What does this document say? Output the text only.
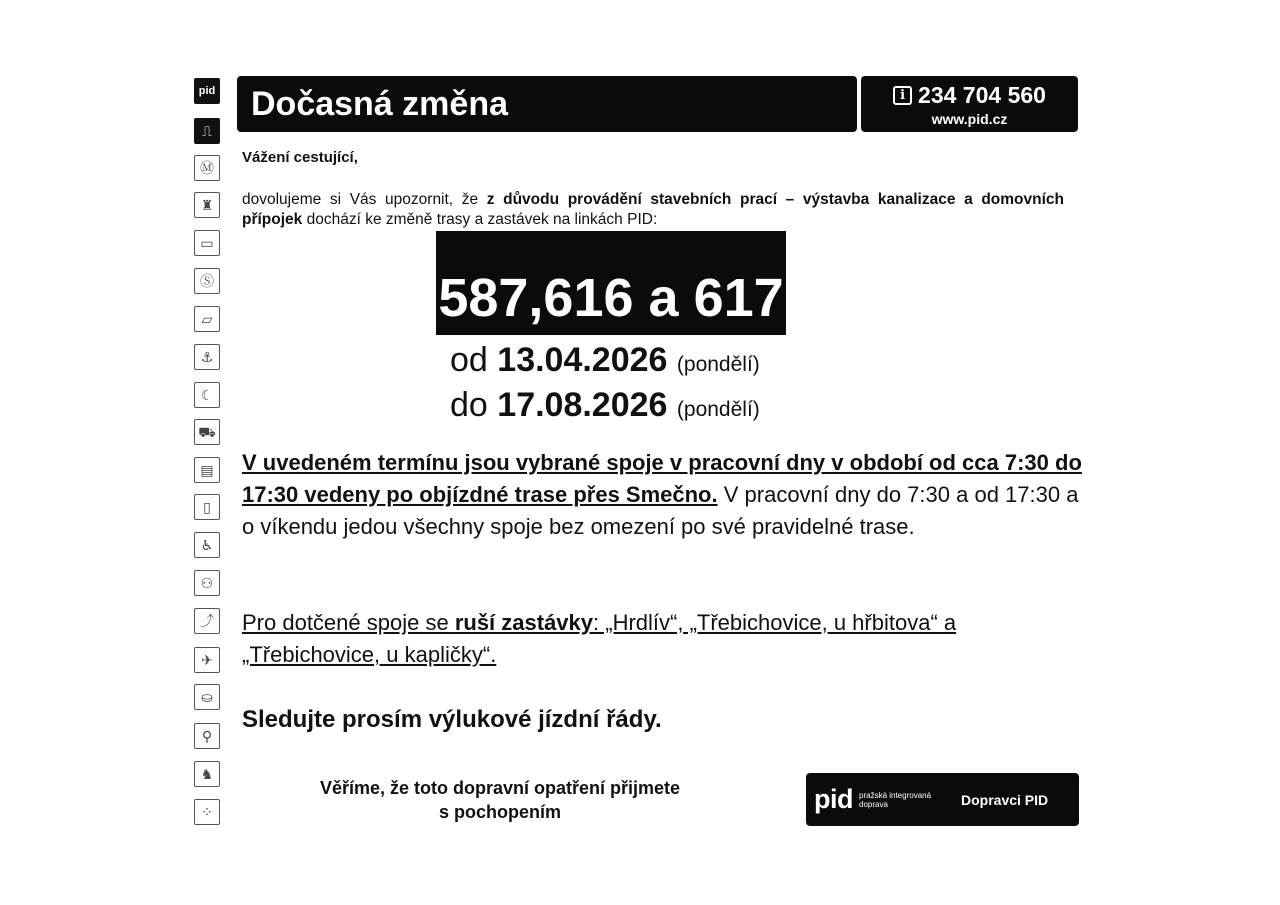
pid
⎍
Ⓜ
♜
▭
Ⓢ
▱
⚓
☾
⛟
▤
▯
♿
⚇
⤴
✈
⛀
⚲
♞
⁘
Dočasná změna	i 234 704 560
www.pid.cz
Vážení cestující,
dovolujeme si Vás upozornit, že z důvodu provádění stavebních prací – výstavba kanalizace a domovních přípojek dochází ke změně trasy a zastávek na linkách PID:
587,616 a 617
od 13.04.2026 (pondělí)
do 17.08.2026 (pondělí)
V uvedeném termínu jsou vybrané spoje v pracovní dny v období od cca 7:30 do 17:30 vedeny po objízdné trase přes Smečno. V pracovní dny do 7:30 a od 17:30 a o víkendu jedou všechny spoje bez omezení po své pravidelné trase.
Pro dotčené spoje se ruší zastávky: „Hrdlív“, „Třebichovice, u hřbitova“ a „Třebichovice, u kapličky“.
Sledujte prosím výlukové jízdní řády.
Věříme, že toto dopravní opatření přijmete
s pochopením	pid pražská integrovaná
doprava	Dopravci PID
